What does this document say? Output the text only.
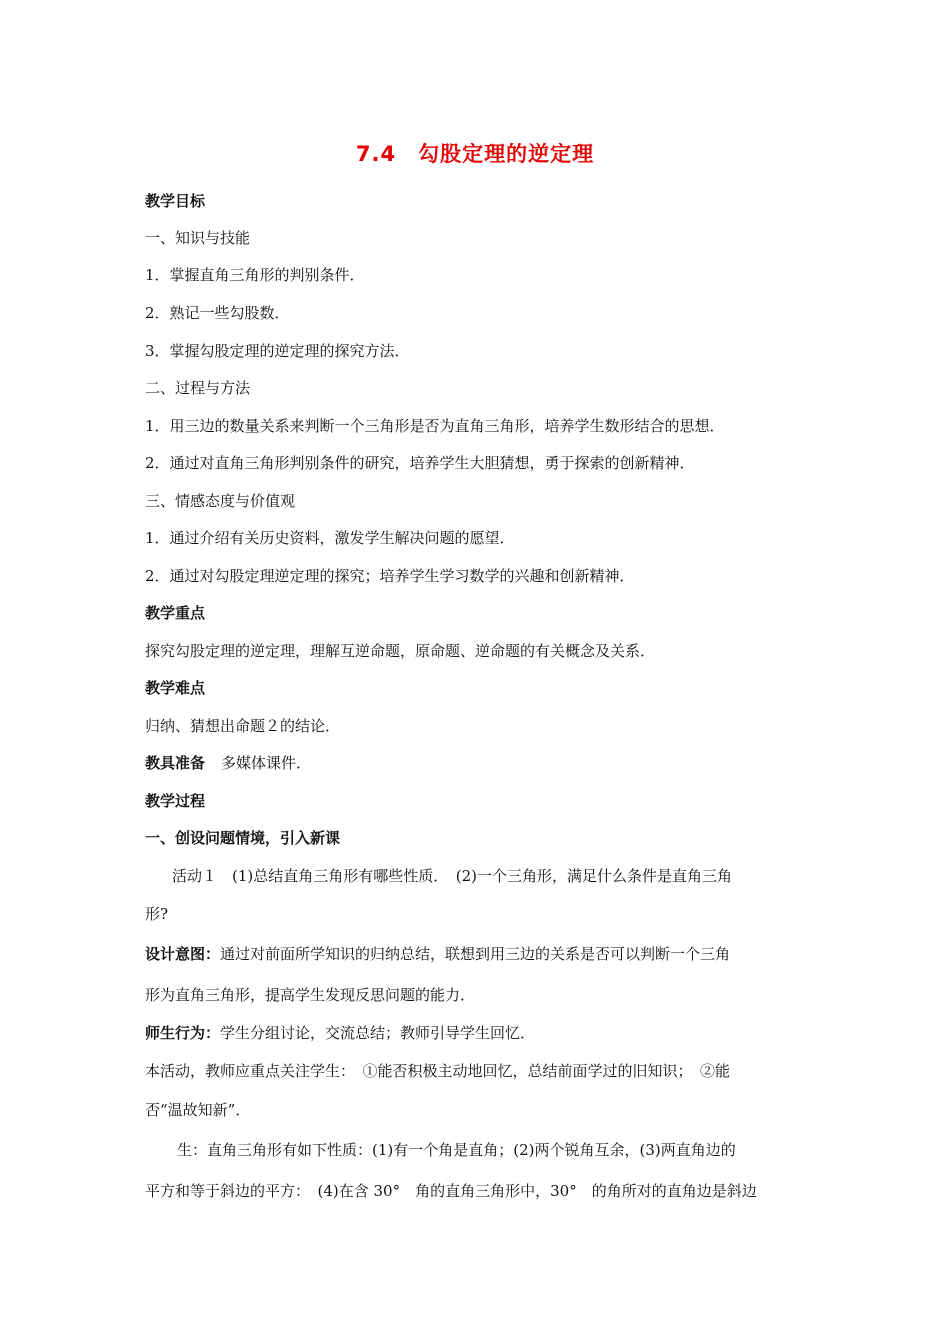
7.4　勾股定理的逆定理
教学目标
一、知识与技能
1．掌握直角三角形的判别条件．
2．熟记一些勾股数．
3．掌握勾股定理的逆定理的探究方法．
二、过程与方法
1．用三边的数量关系来判断一个三角形是否为直角三角形，培养学生数形结合的思想．
2．通过对直角三角形判别条件的研究，培养学生大胆猜想，勇于探索的创新精神．
三、情感态度与价值观
1．通过介绍有关历史资料，激发学生解决问题的愿望．
2．通过对勾股定理逆定理的探究；培养学生学习数学的兴趣和创新精神．
教学重点
探究勾股定理的逆定理，理解互逆命题，原命题、逆命题的有关概念及关系．
教学难点
归纳、猜想出命题２的结论．
教具准备 多媒体课件．
教学过程
一、创设问题情境，引入新课
活动１　(1)总结直角三角形有哪些性质．　(2)一个三角形，满足什么条件是直角三角
形?
设计意图：通过对前面所学知识的归纳总结，联想到用三边的关系是否可以判断一个三角
形为直角三角形，提高学生发现反思问题的能力．
师生行为：学生分组讨论，交流总结；教师引导学生回忆．
本活动，教师应重点关注学生：　①能否积极主动地回忆，总结前面学过的旧知识；　②能
否“温故知新”．
生：直角三角形有如下性质：(1)有一个角是直角；(2)两个锐角互余，(3)两直角边的
平方和等于斜边的平方：　(4)在含 30°　角的直角三角形中，30°　的角所对的直角边是斜边
